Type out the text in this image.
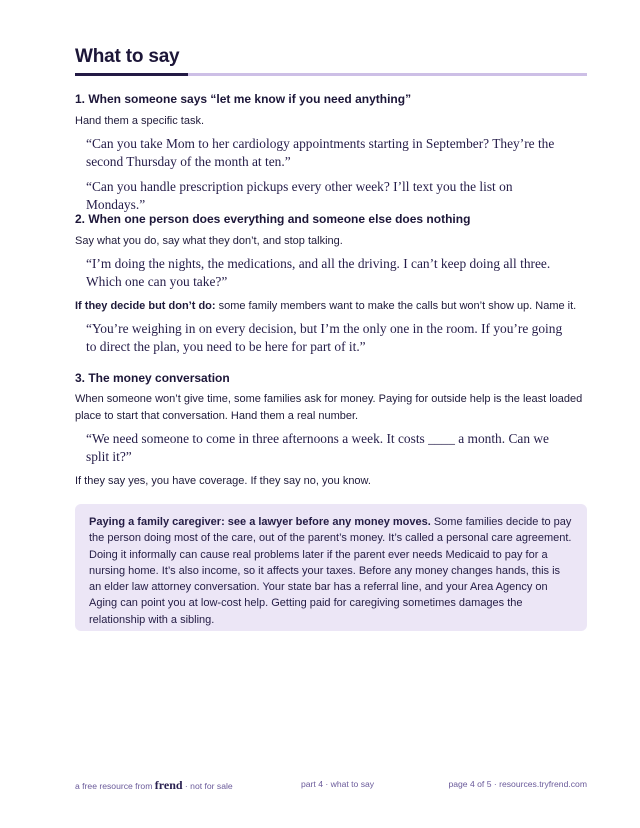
What to say

1. When someone says “let me know if you need anything”

Hand them a specific task.

“Can you take Mom to her cardiology appointments starting in September? They’re the second Thursday of the month at ten.”

“Can you handle prescription pickups every other week? I’ll text you the list on Mondays.”

2. When one person does everything and someone else does nothing

Say what you do, say what they don’t, and stop talking.

“I’m doing the nights, the medications, and all the driving. I can’t keep doing all three. Which one can you take?”

If they decide but don’t do: some family members want to make the calls but won’t show up. Name it.

“You’re weighing in on every decision, but I’m the only one in the room. If you’re going to direct the plan, you need to be here for part of it.”

3. The money conversation

When someone won’t give time, some families ask for money. Paying for outside help is the least loaded place to start that conversation. Hand them a real number.

“We need someone to come in three afternoons a week. It costs ____ a month. Can we split it?”

If they say yes, you have coverage. If they say no, you know.

Paying a family caregiver: see a lawyer before any money moves. Some families decide to pay the person doing most of the care, out of the parent’s money. It’s called a personal care agreement. Doing it informally can cause real problems later if the parent ever needs Medicaid to pay for a nursing home. It’s also income, so it affects your taxes. Before any money changes hands, this is an elder law attorney conversation. Your state bar has a referral line, and your Area Agency on Aging can point you at low-cost help. Getting paid for caregiving sometimes damages the relationship with a sibling.

a free resource from frend · not for sale	part 4 · what to say	page 4 of 5 · resources.tryfrend.com
